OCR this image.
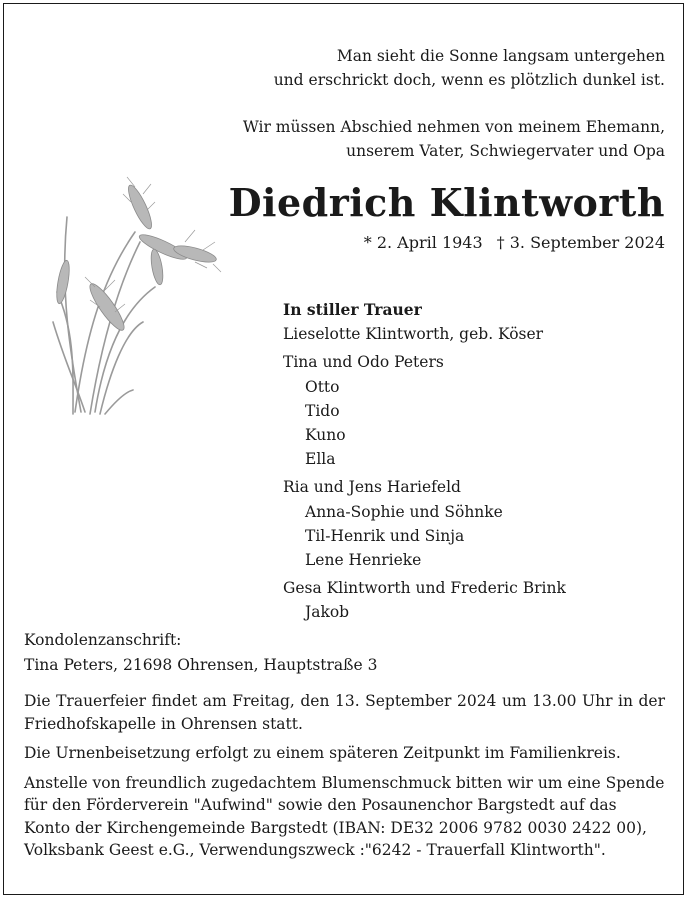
Man sieht die Sonne langsam untergehen
und erschrickt doch, wenn es plötzlich dunkel ist.
Wir müssen Abschied nehmen von meinem Ehemann,
unserem Vater, Schwiegervater und Opa
Diedrich Klintworth
* 2. April 1943 † 3. September 2024
In stiller Trauer
Lieselotte Klintworth, geb. Köser
Tina und Odo Peters
Otto
Tido
Kuno
Ella
Ria und Jens Hariefeld
Anna-Sophie und Söhnke
Til-Henrik und Sinja
Lene Henrieke
Gesa Klintworth und Frederic Brink
Jakob
Kondolenzanschrift:
Tina Peters, 21698 Ohrensen, Hauptstraße 3

Die Trauerfeier findet am Freitag, den 13. September 2024 um 13.00 Uhr in der Friedhofskapelle in Ohrensen statt.

Die Urnenbeisetzung erfolgt zu einem späteren Zeitpunkt im Familienkreis.

Anstelle von freundlich zugedachtem Blumenschmuck bitten wir um eine Spende für den Förderverein "Aufwind" sowie den Posaunenchor Bargstedt auf das Konto der Kirchengemeinde Bargstedt (IBAN: DE32 2006 9782 0030 2422 00), Volksbank Geest e.G., Verwendungszweck :"6242 - Trauerfall Klintworth".
